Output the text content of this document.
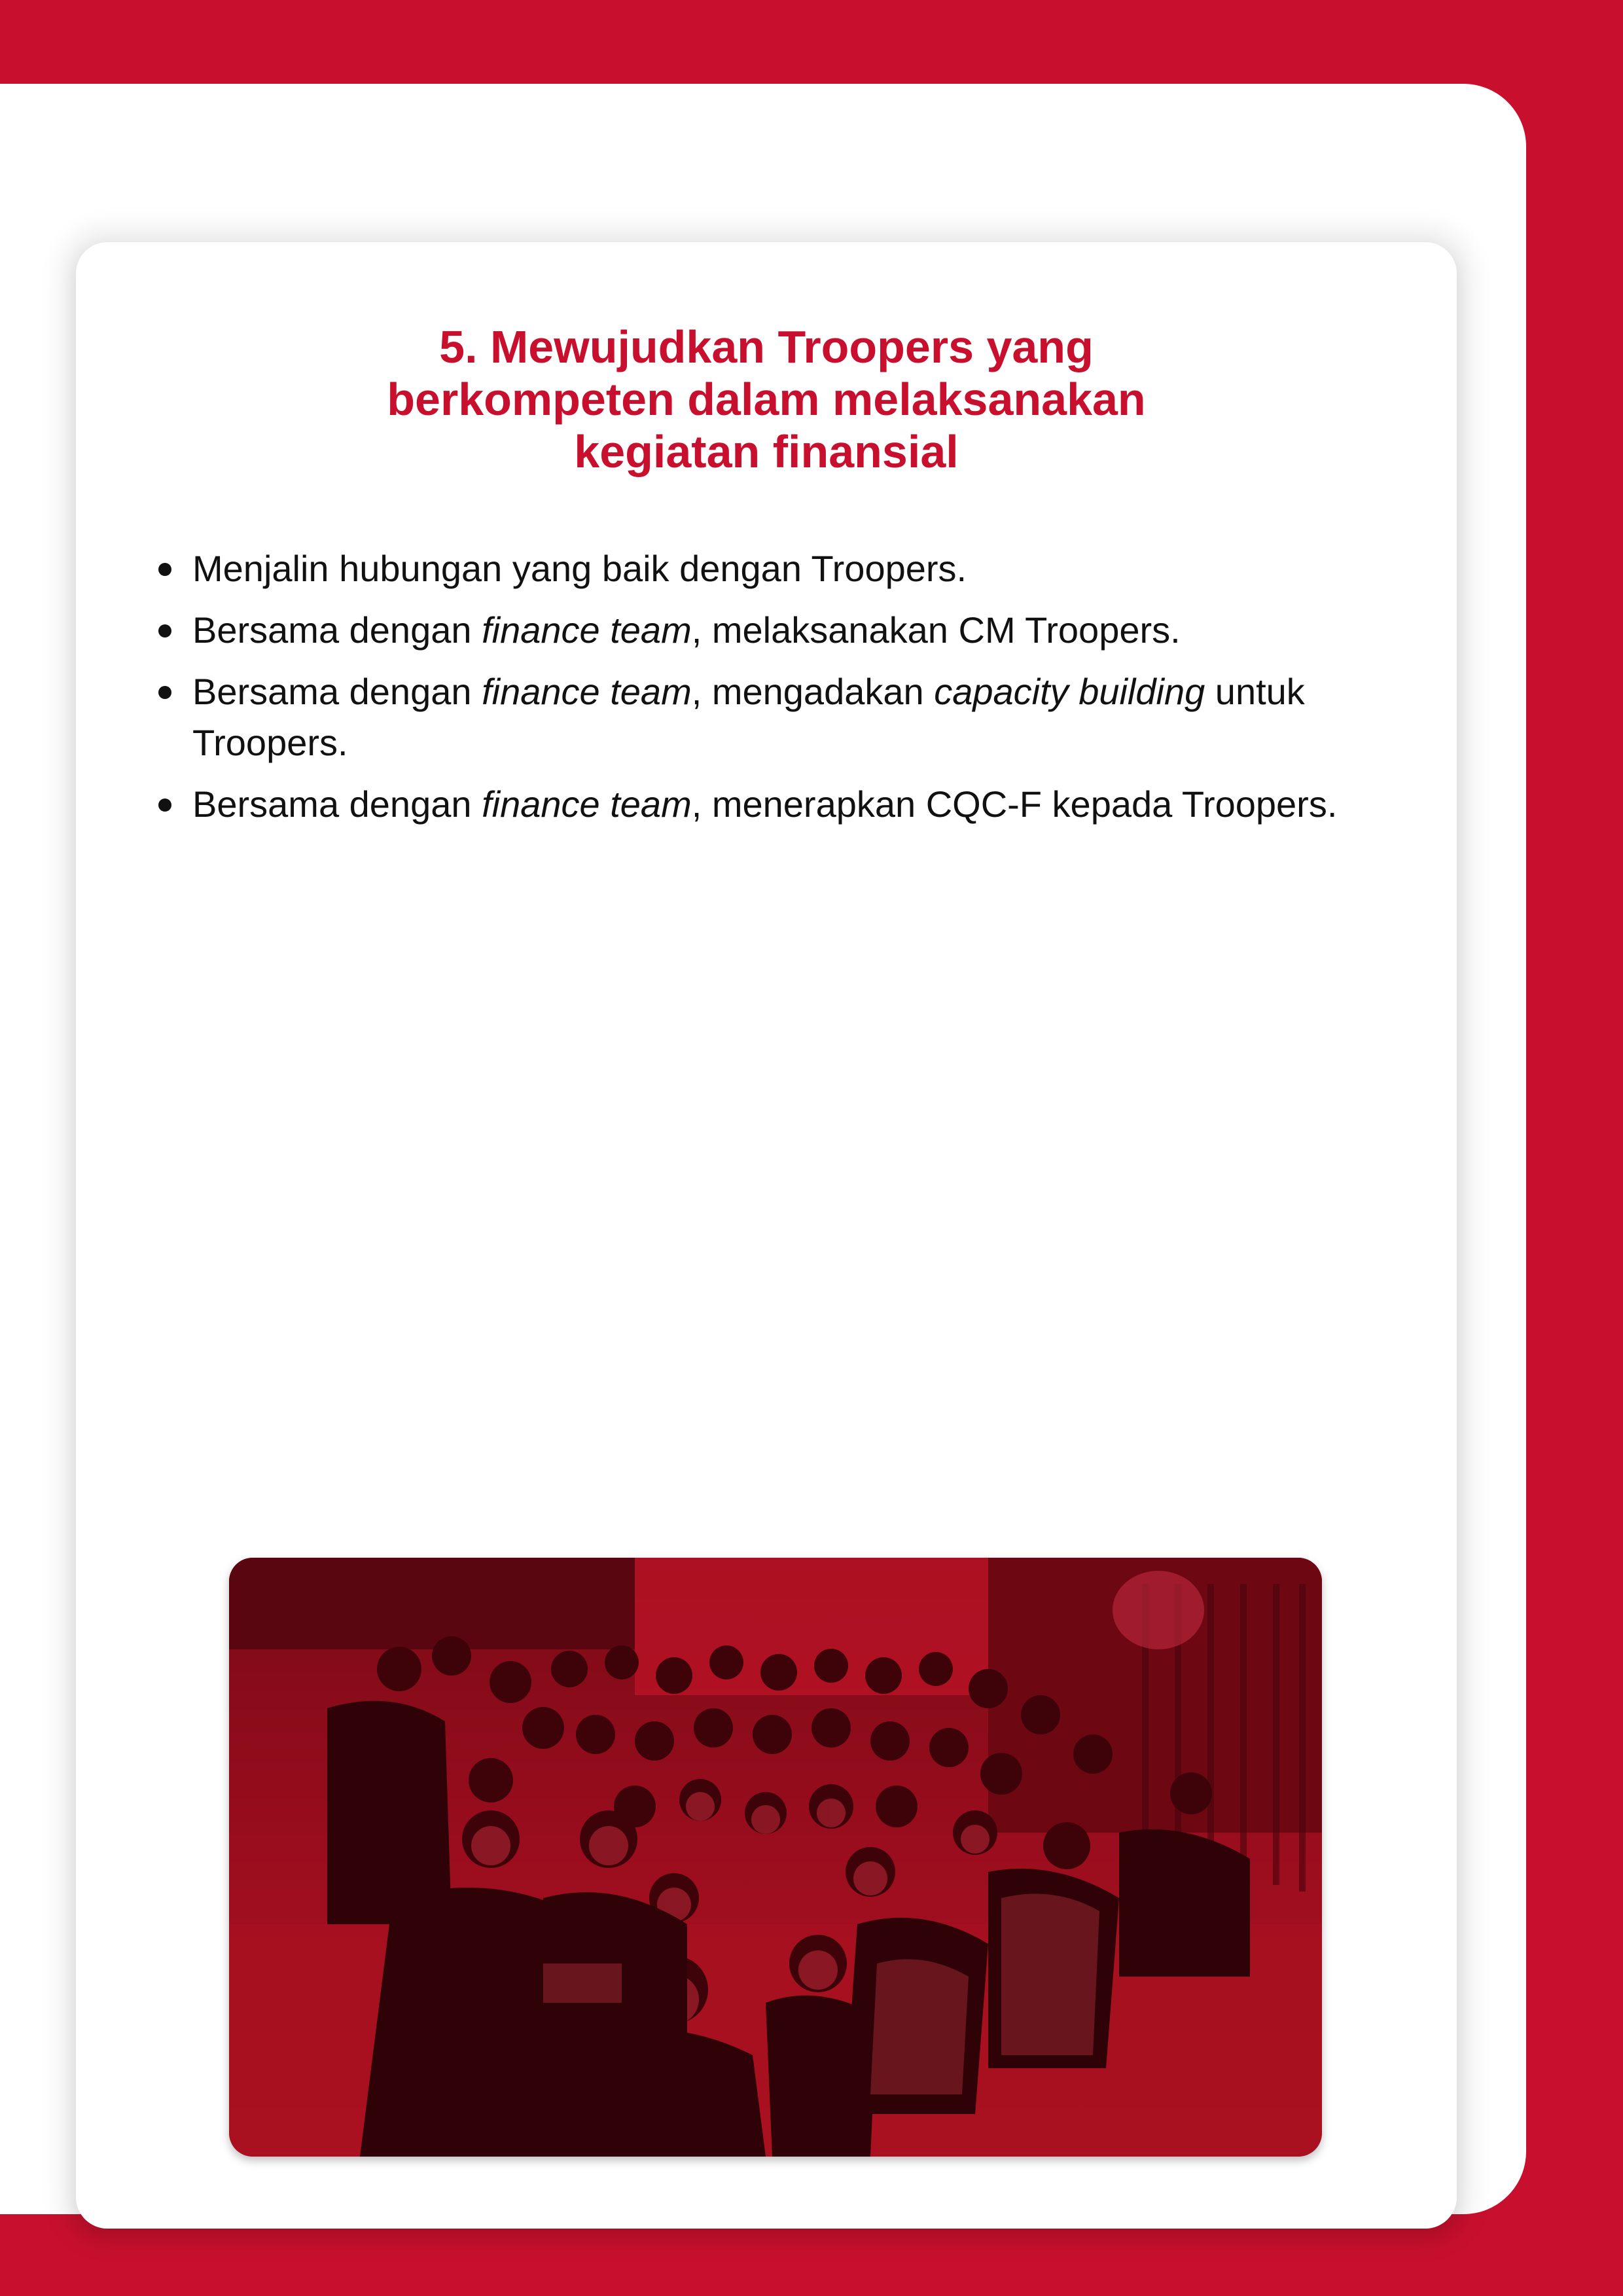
5. Mewujudkan Troopers yang
berkompeten dalam melaksanakan
kegiatan finansial
Menjalin hubungan yang baik dengan Troopers.
Bersama dengan finance team, melaksanakan CM Troopers.
Bersama dengan finance team, mengadakan capacity building untuk Troopers.
Bersama dengan finance team, menerapkan CQC-F kepada Troopers.
